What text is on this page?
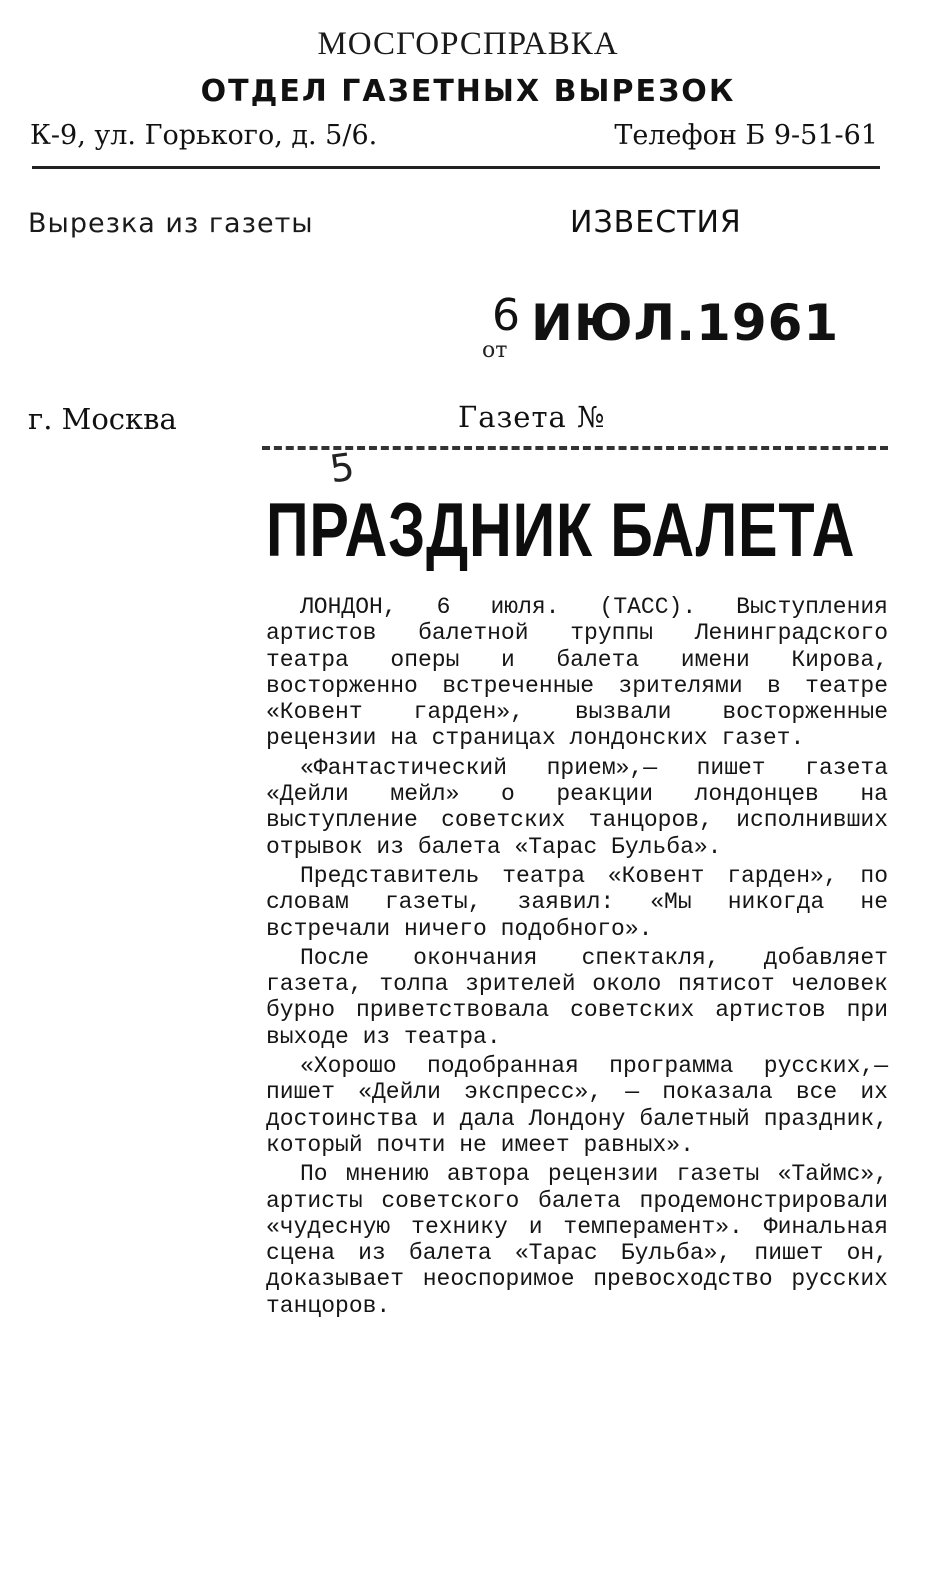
МОСГОРСПРАВКА
ОТДЕЛ ГАЗЕТНЫХ ВЫРЕЗОК
К-9, ул. Горького, д. 5/6.	Телефон Б 9-51-61
Вырезка из газеты	ИЗВЕСТИЯ
6 ИЮЛ.1961
от
г. Москва	Газета №
5
ПРАЗДНИК БАЛЕТА

ЛОНДОН, 6 июля. (ТАСС). Выступления артистов балетной труппы Ленинградского театра оперы и балета имени Кирова, восторженно встреченные зрителями в театре «Ковент гарден», вызвали восторженные рецензии на страницах лондонских газет.

«Фантастический прием»,— пишет газета «Дейли мейл» о реакции лондонцев на выступление советских танцоров, исполнивших отрывок из балета «Тарас Бульба».

Представитель театра «Ковент гарден», по словам газеты, заявил: «Мы никогда не встречали ничего подобного».

После окончания спектакля, добавляет газета, толпа зрителей около пятисот человек бурно приветствовала советских артистов при выходе из театра.

«Хорошо подобранная программа русских,— пишет «Дейли экспресс», — показала все их достоинства и дала Лондону балетный праздник, который почти не имеет равных».

По мнению автора рецензии газеты «Таймс», артисты советского балета продемонстрировали «чудесную технику и темперамент». Финальная сцена из балета «Тарас Бульба», пишет он, доказывает неоспоримое превосходство русских танцоров.
